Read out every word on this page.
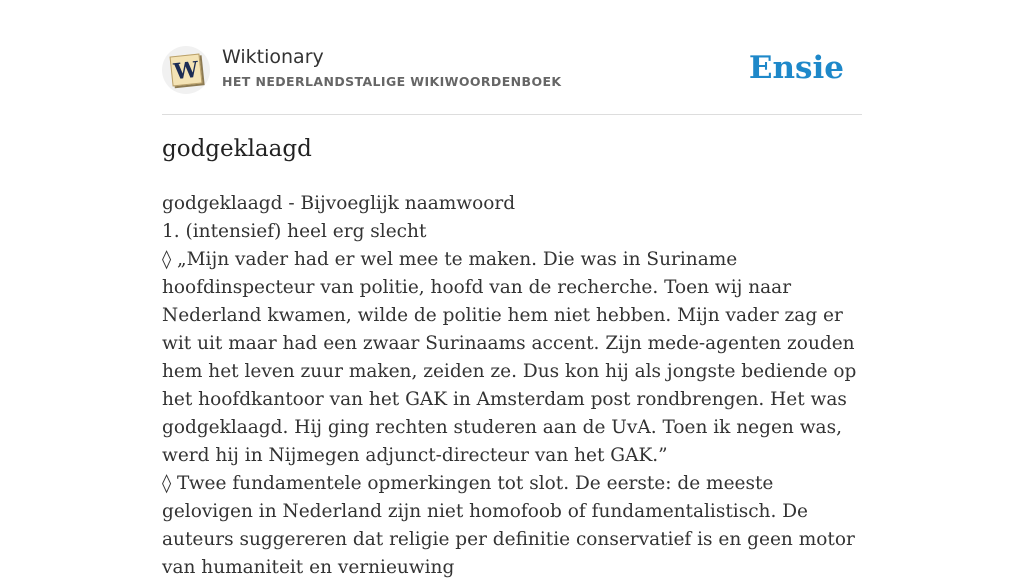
W Wiktionary
HET NEDERLANDSTALIGE WIKIWOORDENBOEK	Ensie
godgeklaagd

godgeklaagd - Bijvoeglijk naamwoord

1. (intensief) heel erg slecht

◊ „Mijn vader had er wel mee te maken. Die was in Suriname hoofdinspecteur van politie, hoofd van de recherche. Toen wij naar Nederland kwamen, wilde de politie hem niet hebben. Mijn vader zag er wit uit maar had een zwaar Surinaams accent. Zijn mede-agenten zouden hem het leven zuur maken, zeiden ze. Dus kon hij als jongste bediende op het hoofdkantoor van het GAK in Amsterdam post rondbrengen. Het was godgeklaagd. Hij ging rechten studeren aan de UvA. Toen ik negen was, werd hij in Nijmegen adjunct-directeur van het GAK.”

◊ Twee fundamentele opmerkingen tot slot. De eerste: de meeste gelovigen in Nederland zijn niet homofoob of fundamentalistisch. De auteurs suggereren dat religie per definitie conservatief is en geen motor van humaniteit en vernieuwing
